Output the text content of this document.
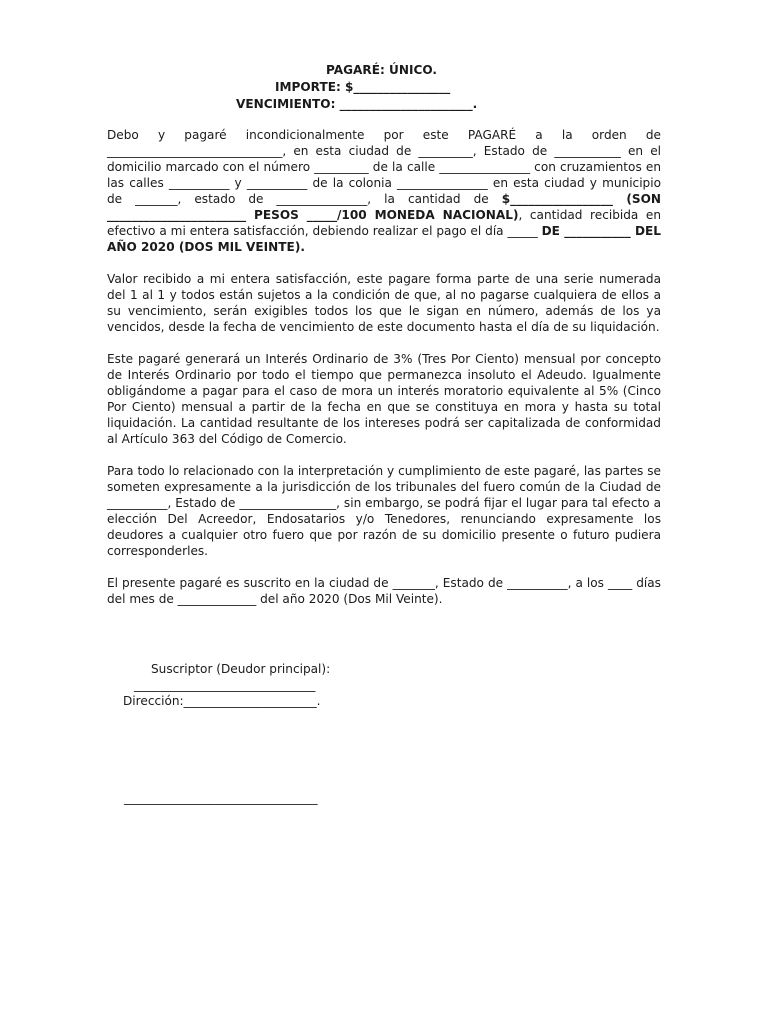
PAGARÉ: ÚNICO.
IMPORTE: $________________
VENCIMIENTO: ______________________.

Debo y pagaré incondicionalmente por este PAGARÉ a la orden de _____________________________, en esta ciudad de _________, Estado de ___________ en el domicilio marcado con el número _________ de la calle _______________ con cruzamientos en las calles __________ y __________ de la colonia _______________ en esta ciudad y municipio de _______, estado de _______________, la cantidad de $_________________ (SON _______________________ PESOS _____/100 MONEDA NACIONAL), cantidad recibida en efectivo a mi entera satisfacción, debiendo realizar el pago el día _____ DE ___________ DEL AÑO 2020 (DOS MIL VEINTE).

Valor recibido a mi entera satisfacción, este pagare forma parte de una serie numerada del 1 al 1 y todos están sujetos a la condición de que, al no pagarse cualquiera de ellos a su vencimiento, serán exigibles todos los que le sigan en número, además de los ya vencidos, desde la fecha de vencimiento de este documento hasta el día de su liquidación.

Este pagaré generará un Interés Ordinario de 3% (Tres Por Ciento) mensual por concepto de Interés Ordinario por todo el tiempo que permanezca insoluto el Adeudo. Igualmente obligándome a pagar para el caso de mora un interés moratorio equivalente al 5% (Cinco Por Ciento) mensual a partir de la fecha en que se constituya en mora y hasta su total liquidación. La cantidad resultante de los intereses podrá ser capitalizada de conformidad al Artículo 363 del Código de Comercio.

Para todo lo relacionado con la interpretación y cumplimiento de este pagaré, las partes se someten expresamente a la jurisdicción de los tribunales del fuero común de la Ciudad de __________, Estado de ________________, sin embargo, se podrá fijar el lugar para tal efecto a elección Del Acreedor, Endosatarios y/o Tenedores, renunciando expresamente los deudores a cualquier otro fuero que por razón de su domicilio presente o futuro pudiera corresponderles.

El presente pagaré es suscrito en la ciudad de _______, Estado de __________, a los ____ días del mes de _____________ del año 2020 (Dos Mil Veinte).

Suscriptor (Deudor principal):
______________________________
Dirección:______________________.
________________________________
